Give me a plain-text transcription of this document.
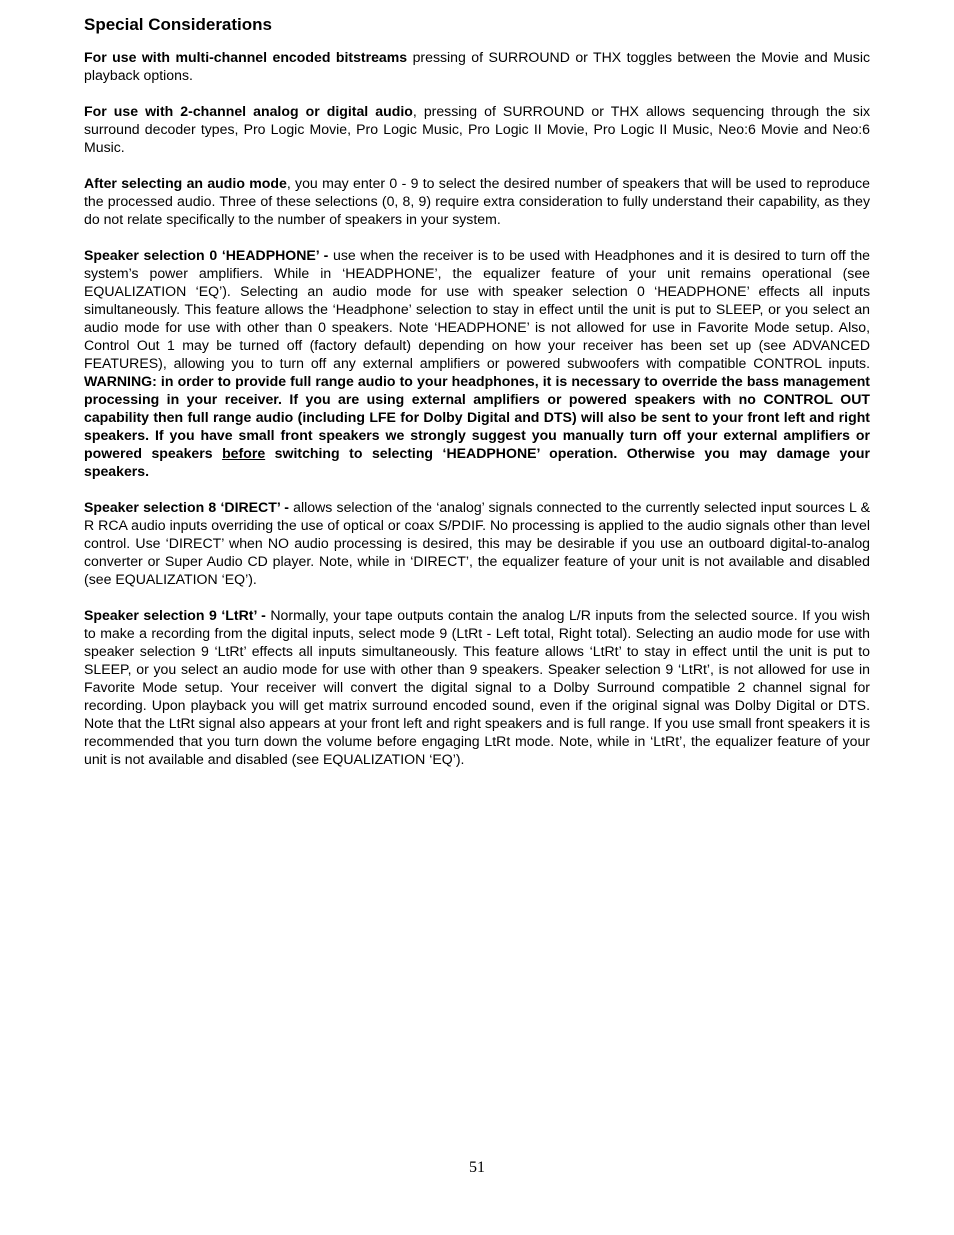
Special Considerations

For use with multi-channel encoded bitstreams pressing of SURROUND or THX toggles between the Movie and Music playback options.

For use with 2-channel analog or digital audio, pressing of SURROUND or THX allows sequencing through the six surround decoder types, Pro Logic Movie, Pro Logic Music, Pro Logic II Movie, Pro Logic II Music, Neo:6 Movie and Neo:6 Music.

After selecting an audio mode, you may enter 0 - 9 to select the desired number of speakers that will be used to reproduce the processed audio. Three of these selections (0, 8, 9) require extra consideration to fully understand their capability, as they do not relate specifically to the number of speakers in your system.

Speaker selection 0 ‘HEADPHONE’ - use when the receiver is to be used with Headphones and it is desired to turn off the system’s power amplifiers. While in ‘HEADPHONE’, the equalizer feature of your unit remains operational (see EQUALIZATION ‘EQ’). Selecting an audio mode for use with speaker selection 0 ‘HEADPHONE’ effects all inputs simultaneously. This feature allows the ‘Headphone’ selection to stay in effect until the unit is put to SLEEP, or you select an audio mode for use with other than 0 speakers. Note ‘HEADPHONE’ is not allowed for use in Favorite Mode setup. Also, Control Out 1 may be turned off (factory default) depending on how your receiver has been set up (see ADVANCED FEATURES), allowing you to turn off any external amplifiers or powered subwoofers with compatible CONTROL inputs. WARNING: in order to provide full range audio to your headphones, it is necessary to override the bass management processing in your receiver. If you are using external amplifiers or powered speakers with no CONTROL OUT capability then full range audio (including LFE for Dolby Digital and DTS) will also be sent to your front left and right speakers. If you have small front speakers we strongly suggest you manually turn off your external amplifiers or powered speakers before switching to selecting ‘HEADPHONE’ operation. Otherwise you may damage your speakers.

Speaker selection 8 ‘DIRECT’ - allows selection of the ‘analog’ signals connected to the currently selected input sources L & R RCA audio inputs overriding the use of optical or coax S/PDIF. No processing is applied to the audio signals other than level control. Use ‘DIRECT’ when NO audio processing is desired, this may be desirable if you use an outboard digital-to-analog converter or Super Audio CD player. Note, while in ‘DIRECT’, the equalizer feature of your unit is not available and disabled (see EQUALIZATION ‘EQ’).

Speaker selection 9 ‘LtRt’ - Normally, your tape outputs contain the analog L/R inputs from the selected source. If you wish to make a recording from the digital inputs, select mode 9 (LtRt - Left total, Right total). Selecting an audio mode for use with speaker selection 9 ‘LtRt’ effects all inputs simultaneously. This feature allows ‘LtRt’ to stay in effect until the unit is put to SLEEP, or you select an audio mode for use with other than 9 speakers. Speaker selection 9 ‘LtRt’, is not allowed for use in Favorite Mode setup. Your receiver will convert the digital signal to a Dolby Surround compatible 2 channel signal for recording. Upon playback you will get matrix surround encoded sound, even if the original signal was Dolby Digital or DTS. Note that the LtRt signal also appears at your front left and right speakers and is full range. If you use small front speakers it is recommended that you turn down the volume before engaging LtRt mode. Note, while in ‘LtRt’, the equalizer feature of your unit is not available and disabled (see EQUALIZATION ‘EQ’).

51
